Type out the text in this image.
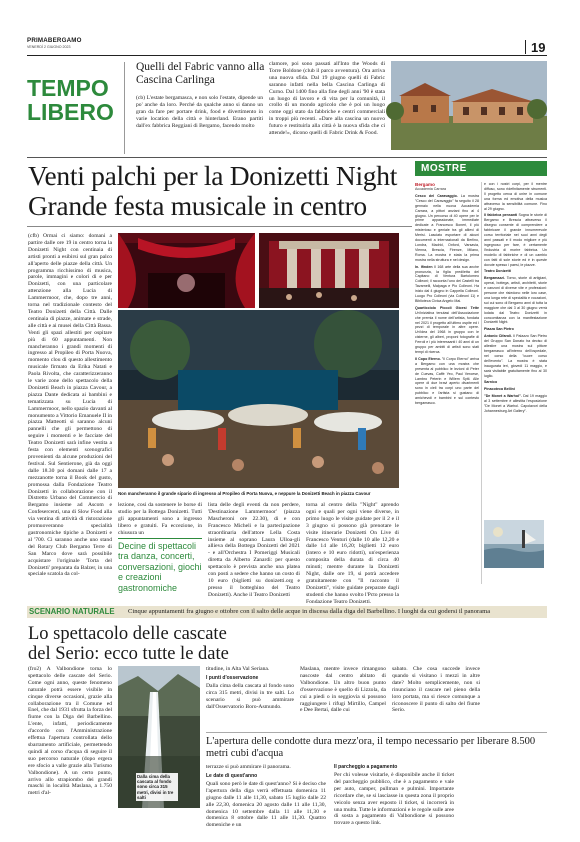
PRIMABERGAMO
VENERDÌ 2 GIUGNO 2023	19
TEMPO
LIBERO
Quelli del Fabric vanno alla Cascina Carlinga
(cb) L'estate bergamasca, e non solo l'estate, dipende un po' anche da loro. Perché da qualche anno si danno un gran da fare per portare drink, food e divertimento in varie location della città e hinterland. Erano partiti dall'ex fabbrica Reggiani di Bergamo, facendo molto
clamore, poi sono passati all'Into the Woods di Torre Boldone (club il parco avventura). Ora arriva una nuova sfida. Dal 19 giugno quelli di Fabric saranno infatti nella bella Cascina Carlinga di Curno. Dal 1400 fino alla fine degli anni '90 è stata un luogo di lavoro e di vita per la comunità, il crollo di un mondo agricolo che è poi un luogo come oggi stato da fabbriche e centri commerciali in troppi più recenti. «Dare alla cascina un nuovo futuro e restituirla alla città è la nuova sfida che ci attende!», dicono quelli di Fabric Drink & Food.
Venti palchi per la Donizetti Night
Grande festa musicale in centro
(cfb) Ormai ci siamo: domani a partire dalle ore 19 in centro torna la Donizetti Night con centinaia di artisti pronti a esibirsi sul gran palco all'aperto delle piazze della città. Un programma ricchissimo di musica, parole, immagini e colori di e per Donizetti, con una particolare attenzione alla Lucia di Lammermoor, che, dopo tre anni, torna nel tradizionale contesto del Teatro Donizetti della Città. Dalle centinaia di piazze, animate e strade, alle città e ai musei della Città Bassa. Venti gli spazi allestiti per ospitare più di 60 appuntamenti. Non mancheranno i grandi momenti di ingresso al Propileo di Porta Nuova, momento clou di questo allestimento musicale firmato da Erika Natati e Paola Rivolta, che caratterizzeranno le varie zone dello spettacolo della Donizetti Beach in piazza Cavour, a piazza Dante dedicata ai bambini e tematizzata su Lucia di Lammermoor, nello spazio davanti al monumento a Vittorio Emanuele II in piazza Matteotti si saranno alcuni pannelli che gli permettono di seguire i momenti e le facciate del Teatro Donizetti sarà infine vestita a festa con elementi scenografici provenienti da alcune produzioni del festival. Sul Sentierone, già da oggi dalle 18.30 poi domani dalle 17 a mezzanotte torna il Book del gusto, promossa dalla Fondazione Teatro Donizetti in collaborazione con il Distretto Urbano del Commercio di Bergamo insieme ad Ascom e Confesercenti, una di Slow Food alla via ventina di attività di ristorazione promuoveranno specialità gastronomiche tipiche a Donizetti e al '700. Ci saranno anche uno stand del Rotary Club Bergamo Terre di San Marco dove sarà possibile acquistare l'originale 'Torta del Donizetti' preparata da Balzer, in una speciale scatola da col-
Non mancheranno il grande sipario di ingresso al Propileo di Porta Nuova, e neppure la Donizetti Beach in piazza Cavour
lezione, cosi da sostenere le borse di studio per la Bottega Donizetti. Tutti gli appuntamenti sono a ingresso libero e gratuiti. Fa eccezione, in chiusura un
Decine di spettacoli tra danza, concerti, conversazioni, giochi e creazioni gastronomiche
lista delle degli eventi da non perdere, 'Destinazione Lammermoor' (piazza Mascheroni ore 22.30), di e con Francesco Micheli e la partecipazione straordinaria dell'attore Lella Costa insieme al soprano Laura Ulloa-gli allieva della Bottega Donizetti del 2021 - e all'Orchestra I Pomeriggi Musicali diretta da Alberto Zanardi: per questo spettacolo è prevista anche una platea con posti a sedere che hanno un costo di 10 euro (biglietti su donizetti.org e presso il botteghino del Teatro Donizetti). Anche il Teatro Donizetti
torna al centro della "Night" aprendo ogni e quali per ogni viene diverse, in primo luogo le visite guidate per il 2 e il 3 giugno si possono già prenotare le visite itinerarie Donizetti On Live di Francesco Venturi (dalle 10 alle 12,20 e dalle 14 alle 16,20; biglietti 12 euro (intero e 10 euro ridotti), un'esperienza composita della durata di circa 40 minuti; mentre durante la Donizetti Night, dalle ore 19, si potrà accedere gratuitamente con "Il racconto il Donizetti", visite guidate preparate dagli studenti che hanno svolto l'Pcto presso la Fondazione Teatro Donizetti.
MOSTRE
Bergamo
Accademia Carrara
Cesco del Caravaggio. La mostra "Cesco del Caravaggio" fa seguito il 28 gennaio nella nuova Accademia Carrara, a pittori anziani fino al 4 giugno. Un percorso di 40 opere per le prime appassionate, immediate dedicate a Francesco Boneri, il più misterioso e geniale tra gli allievi di Merisi. Lasciato esportare di alcuni documenti a internazionali da Berlino, Londra, Madrid, Oxford, Varsavia, Vienna, Brescia, Firenze, Milano, Roma. La mostra è stata la prima mostra nella struttura e nel design.
In. Ifinden Il 168 arte della sua anche pronunzia, la figlia prediletta del Capitano di Ventura Bartolomeo Colleoni; il racconta l'uno dei Castelli tra Tavarnelli, Malpaga e Pio Colleoni. Ha inizio dal 4 giugno in Cappella Colleoni. Luogo Pro Colleoni (via Colleoni 11) e Biblioteca Civica Angelo Mai.
Quarticciolo Piccoli Gioesi Tette Un'iniziativa tenutasi dell'Associazione che premia il nome dell'artista, fondata nel 2021 il progetto all'ultimo ospite ed i pezzi di temporale in altre opere. Un'idea del 1968 in gruppo con le cisterne, gli alberi, proponi fotografie di Ferroli e i più interessanti i 40 anni di un gruppo per ambiti di artisti sono stati tempi di ricerca.
Il Copo Eterno. "Il Corpo Eterno" arriva a Bergamo con una mostra che presenta al pubblico le lezioni di Peter de Cuevas, Caffè Yeo, Paul Veroese, Lambro Peterin e Willem Syiti. Alle opere di due bravi aperto divarimenti sono in cieli tra corpi uno parte del pubblico e l'artista si gustano di amichevoli e bambini e sul contesto bergamasco.
e con i nostri corpi, per il mentre diffuso, sono ridefinitamente strumenti. Il progetto cerca di unire in comune una forma ed emotiva della musica attraverso la sensibilità comune. Fino al 29 giugno.
Il fabbrica pensanti Sogna le storie di Bergamo e Brescia attraverso il disegno consente di comprendere a fabbricare il grande innumerevole corso territoriale nei suoi anni degli anni passati e il modo migliore e più ingegnoso per fare, è certamente l'industria di morire fabbrica. Un modello di fabbriche e di un cambio con fatti di sole storie ed è in queste dovute spesso i paesi, le piazze.
Teatro Donizetti
Bergamazzi. Torno, storie di artigiani, operai, bottega, artisti, architetti, storie e canzoni di diverse vite e professioni: persone che risiedono nelle loro case, una lunga rete di specialità e vocazioni, sui cui sono di Bergamo anni di tutta la maggiore che dal 3 al 30 giugno verrà lodata dal Teatro Donizetti in concomitanza con la manifestazione Donizetti Night.
Piazza San Pietro
Antonio Cifaroli. Il Palazzo San Pietro del Gruppo San Donato ha deciso di allestire una mostra sul pittore bergamasco all'interno dell'ospedale, nel corso della "cuore corso dell'evento". La mostra è stata inaugurata ieri, giovedì 11 maggio, e sarà visitabile gratuitamente fino al 30 luglio.
Sarnico
Pinacoteca Bellini
"De Monet a Warhol". Dal 19 maggio al 3 settembre è allestita l'esposizione "De Monet a Warhol. Capolavori della Johannesburg Art Gallery".
SCENARIO NATURALE Cinque appuntamenti fra giugno e ottobre con il salto delle acque in discesa dalla diga del Barbellino. I luoghi da cui godersi il panorama
Lo spettacolo delle cascate
del Serio: ecco tutte le date
(fro2) A Valbondione torna lo spettacolo delle cascate del Serio. Come ogni anno, queste fenomeno naturale potrà essere visibile in cinque diverse occasioni, grazie alla collaborazione tra il Comune ed Enel, che dal 1931 sfrutta la forza del fiume con la Diga del Barbellino. L'ente, infatti, periodicamente d'accordo con l'Amministrazione effettua l'apertura controllata dello sbarramento artificiale, permettendo quindi al corso d'acqua di seguire il suo percorso naturale (dopo ergera ere sfocio a valle grazie alla Turismo Valbondione). A un certo punto, arrivo allo strapiombo dei grandi maschi in località Maslana, a 1.750 metri d'al-
Dalla cima della cascata al fondo sono circa 315 metri, divisi in tre salti
titudine, in Alta Val Seriana.
I punti d'osservazione
Dalla cima della cascata al fondo sono circa 315 metri, divisi in tre salti. Lo scenario si può ammirare dall'Osservatorio Boro-Asmundo.
Maslana, mentre invece rimangono nascoste dal centro abitato di Valbondione. Un altro buon punto d'osservazione è quello di Lizzola, da cui a piedi o in seggiovia si possono raggiungere i rifugi Mirtillo, Campel e Dee Bertai, dalle cui
sabato. Che cosa succede invece quando si visitano i mezzi in altre date? Molto semplicemente, non si rinunciano il cascare nel pieno della loro portata, ma si riesce comunque a riconoscere il punto di salto del fiume Serio.
L'apertura delle condotte dura mezz'ora, il tempo necessario per liberare 8.500 metri cubi d'acqua
terrazze si può ammirare il panorama.
Le date di quest'anno
Quali sono però le date di quest'anno? Si è deciso che l'apertura della diga verrà effettuata domenica 11 giugno dalle 11 alle 11,30, sabato 15 luglio dalle 22 alle 22,30, domenica 20 agosto dalle 11 alle 11,30, domenica 10 settembre dalla 11 alle 11,30 e domenica 8 ottobre dalle 11 alle 11,30. Quattro domeniche e un
Il parcheggio a pagamento
Per chi volesse visitarle, è disponibile anche il ticket del parcheggio pubblico, che è a pagamento e vale per auto, camper, pullman e pulmini. Importante ricordare che, se si lasciasse in questa zona il proprio veicolo senza aver esposto il ticket, si incorrerà in una multa. Tutte le informazioni e le regole sulle aree di sosta a pagamento di Valbondione si possono trovare a questo link.
